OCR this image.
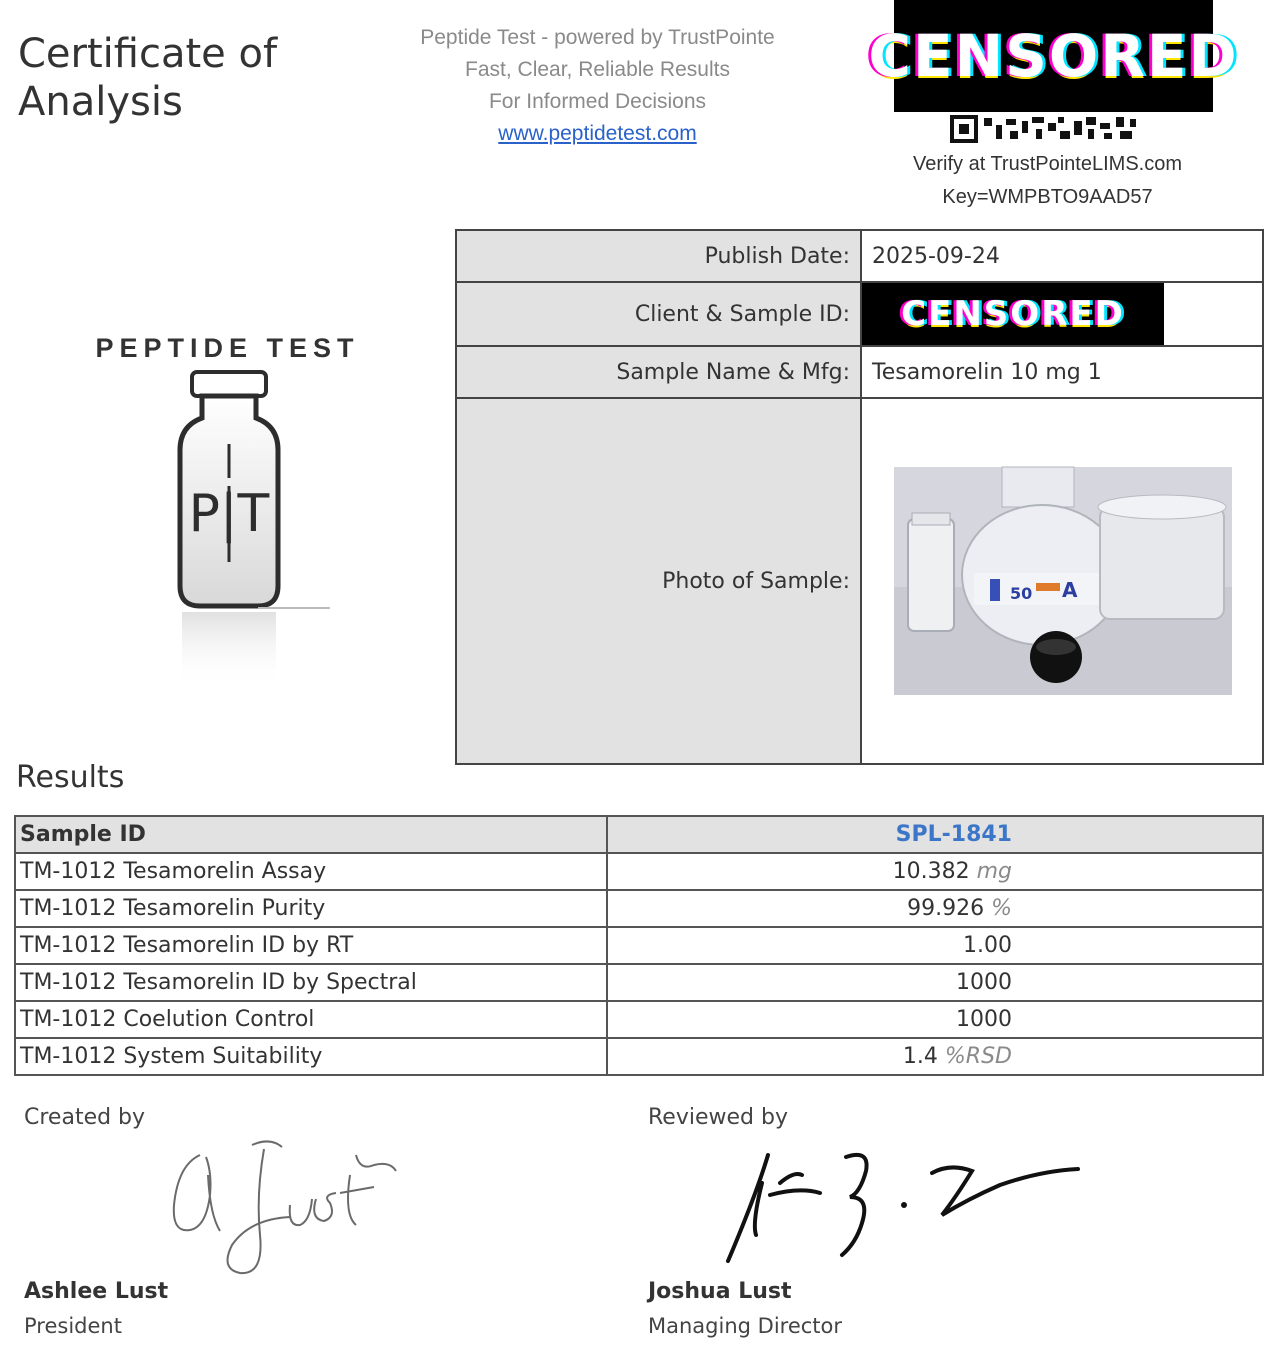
Certificate of
Analysis
Peptide Test - powered by TrustPointe
Fast, Clear, Reliable Results
For Informed Decisions
www.peptidetest.com
CENSORED
Verify at TrustPointeLIMS.com
Key=WMPBTO9AAD57
PEPTIDE TEST
P|T
Publish Date:	2025-09-24
Client & Sample ID:	CENSORED

Sample Name & Mfg:	Tesamorelin 10 mg 1
Photo of Sample:	50 A
Results
Sample ID	SPL-1841
TM-1012 Tesamorelin Assay	10.382 mg
TM-1012 Tesamorelin Purity	99.926 %
TM-1012 Tesamorelin ID by RT	1.00
TM-1012 Tesamorelin ID by Spectral	1000
TM-1012 Coelution Control	1000
TM-1012 System Suitability	1.4 %RSD
Created by
Ashlee Lust
President
Reviewed by
Joshua Lust
Managing Director
